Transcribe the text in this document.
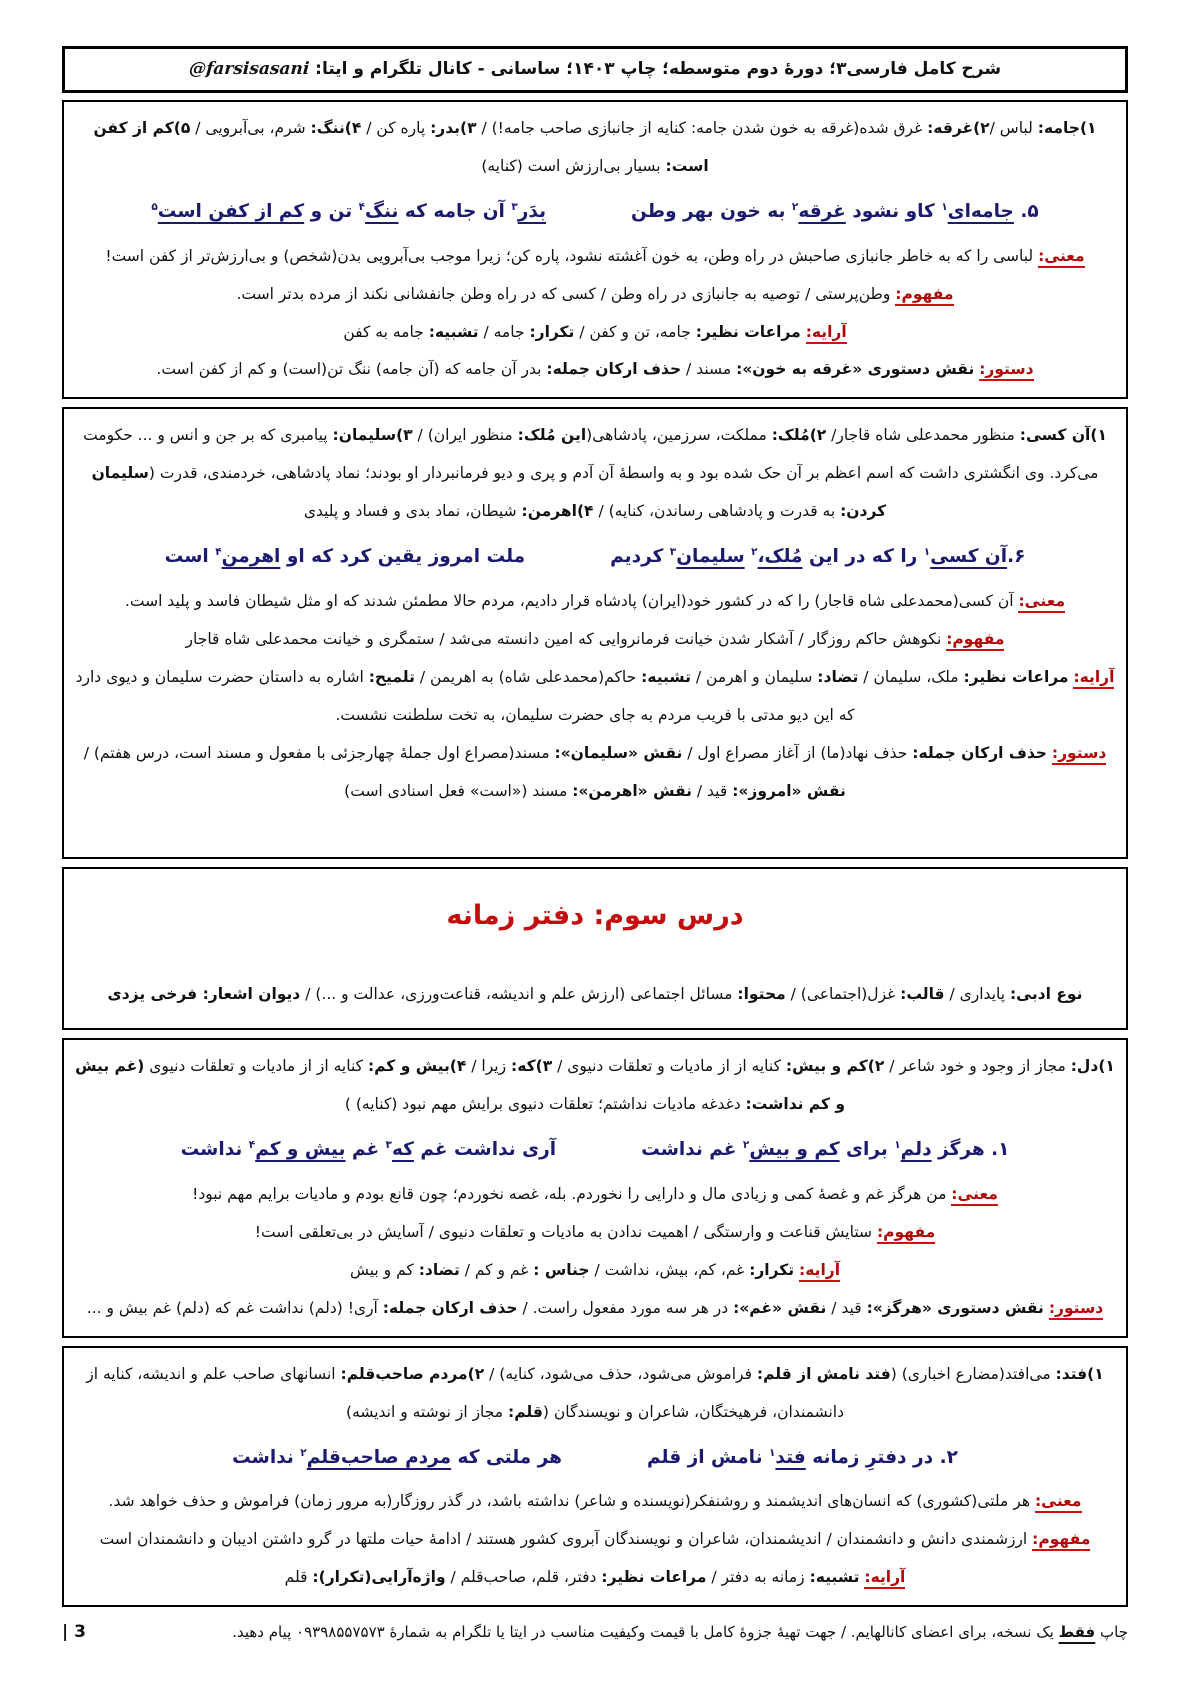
شرح کامل فارسی۳؛ دورهٔ دوم متوسطه؛ چاپ ۱۴۰۳؛ ساسانی - کانال تلگرام و ایتا: @farsisasani
۱)جامه: لباس /۲)غرقه: غرق شده(غرقه به خون شدن جامه: کنایه از جانبازی صاحب جامه!) / ۳)بدر: پاره کن / ۴)ننگ: شرم، بی‌آبرویی / ۵)کم از کفن است: بسیار بی‌ارزش است (کنایه)
۵. جامه‌ای$^۱$ کاو نشود غرقه$^۲$ به خون بهر وطن
بدَر$^۳$ آن جامه که ننگ$^۴$ تن و کم از کفن است$^۵$
معنی: لباسی را که به خاطر جانبازی صاحبش در راه وطن، به خون آغشته نشود، پاره کن؛ زیرا موجب بی‌آبرویی بدن(شخص) و بی‌ارزش‌تر از کفن است!
مفهوم: وطن‌پرستی / توصیه به جانبازی در راه وطن / کسی که در راه وطن جانفشانی نکند از مرده بدتر است.
آرایه: مراعات نظیر: جامه، تن و کفن / تکرار: جامه / تشبیه: جامه به کفن
دستور: نقش دستوری «غرقه به خون»: مسند / حذف ارکان جمله: بدر آن جامه که (آن جامه) ننگ تن(است) و کم از کفن است.
۱)آن کسی: منظور محمدعلی شاه قاجار/ ۲)مُلک: مملکت، سرزمین، پادشاهی(این مُلک: منظور ایران) / ۳)سلیمان: پیامبری که بر جن و انس و ... حکومت می‌کرد. وی انگشتری داشت که اسم اعظم بر آن حک شده بود و به واسطهٔ آن آدم و پری و دیو فرمانبردار او بودند؛ نماد پادشاهی، خردمندی، قدرت (سلیمان کردن: به قدرت و پادشاهی رساندن، کنایه) / ۴)اهرمن: شیطان، نماد بدی و فساد و پلیدی
۶.آن کسی$^۱$ را که در این مُلک،$^۲$ سلیمان$^۳$ کردیم
ملت امروز یقین کرد که او اهرمن$^۴$ است
معنی: آن کسی(محمدعلی شاه قاجار) را که در کشور خود(ایران) پادشاه قرار دادیم، مردم حالا مطمئن شدند که او مثل شیطان فاسد و پلید است.
مفهوم: نکوهش حاکم روزگار / آشکار شدن خیانت فرمانروایی که امین دانسته می‌شد / ستمگری و خیانت محمدعلی شاه قاجار
آرایه: مراعات نظیر: ملک، سلیمان / تضاد: سلیمان و اهرمن / تشبیه: حاکم(محمدعلی شاه) به اهریمن / تلمیح: اشاره به داستان حضرت سلیمان و دیوی دارد که این دیو مدتی با فریب مردم به جای حضرت سلیمان، به تخت سلطنت نشست.
دستور: حذف ارکان جمله: حذف نهاد(ما) از آغاز مصراع اول / نقش «سلیمان»: مسند(مصراع اول جملهٔ چهارجزئی با مفعول و مسند است، درس هفتم) / نقش «امروز»: قید / نقش «اهرمن»: مسند («است» فعل اسنادی است)
درس سوم: دفتر زمانه
نوع ادبی: پایداری / قالب: غزل(اجتماعی) / محتوا: مسائل اجتماعی (ارزش علم و اندیشه، قناعت‌ورزی، عدالت و ...) / دیوان اشعار: فرخی یزدی
۱)دل: مجاز از وجود و خود شاعر / ۲)کم و بیش: کنایه از از مادیات و تعلقات دنیوی / ۳)که: زیرا / ۴)بیش و کم: کنایه از از مادیات و تعلقات دنیوی (غم بیش و کم نداشت: دغدغه مادیات نداشتم؛ تعلقات دنیوی برایش مهم نبود (کنایه) )
۱. هرگز دلم$^۱$ برای کم و بیش$^۲$ غم نداشت
آری نداشت غم که$^۳$ غم بیش و کم$^۴$ نداشت
معنی: من هرگز غم و غصهٔ کمی و زیادی مال و دارایی را نخوردم. بله، غصه نخوردم؛ چون قانع بودم و مادیات برایم مهم نبود!
مفهوم: ستایش قناعت و وارستگی / اهمیت ندادن به مادیات و تعلقات دنیوی / آسایش در بی‌تعلقی است!
آرایه: تکرار: غم، کم، بیش، نداشت / جناس : غم و کم / تضاد: کم و بیش
دستور: نقش دستوری «هرگز»: قید / نقش «غم»: در هر سه مورد مفعول راست. / حذف ارکان جمله: آری! (دلم) نداشت غم که (دلم) غم بیش و ...
۱)فتد: می‌افتد(مضارع اخباری) (فتد نامش از قلم: فراموش می‌شود، حذف می‌شود، کنایه) / ۲)مردم صاحب‌قلم: انسانهای صاحب علم و اندیشه، کنایه از دانشمندان، فرهیختگان، شاعران و نویسندگان (قلم: مجاز از نوشته و اندیشه)
۲. در دفترِ زمانه فتد$^۱$ نامش از قلم
هر ملتی که مردم صاحب‌قلم$^۲$ نداشت
معنی: هر ملتی(کشوری) که انسان‌های اندیشمند و روشنفکر(نویسنده و شاعر) نداشته باشد، در گذر روزگار(به مرور زمان) فراموش و حذف خواهد شد.
مفهوم: ارزشمندی دانش و دانشمندان / اندیشمندان، شاعران و نویسندگان آبروی کشور هستند / ادامهٔ حیات ملتها در گرو داشتن ادیبان و دانشمندان است
آرایه: تشبیه: زمانه به دفتر / مراعات نظیر: دفتر، قلم، صاحب‌قلم / واژه‌آرایی(تکرار): قلم
چاپ فقط یک نسخه، برای اعضای کانالهایم. / جهت تهیهٔ جزوهٔ کامل با قیمت وکیفیت مناسب در ایتا یا تلگرام به شمارهٔ ۰۹۳۹۸۵۵۷۵۷۳ پیام دهید.
| 3
